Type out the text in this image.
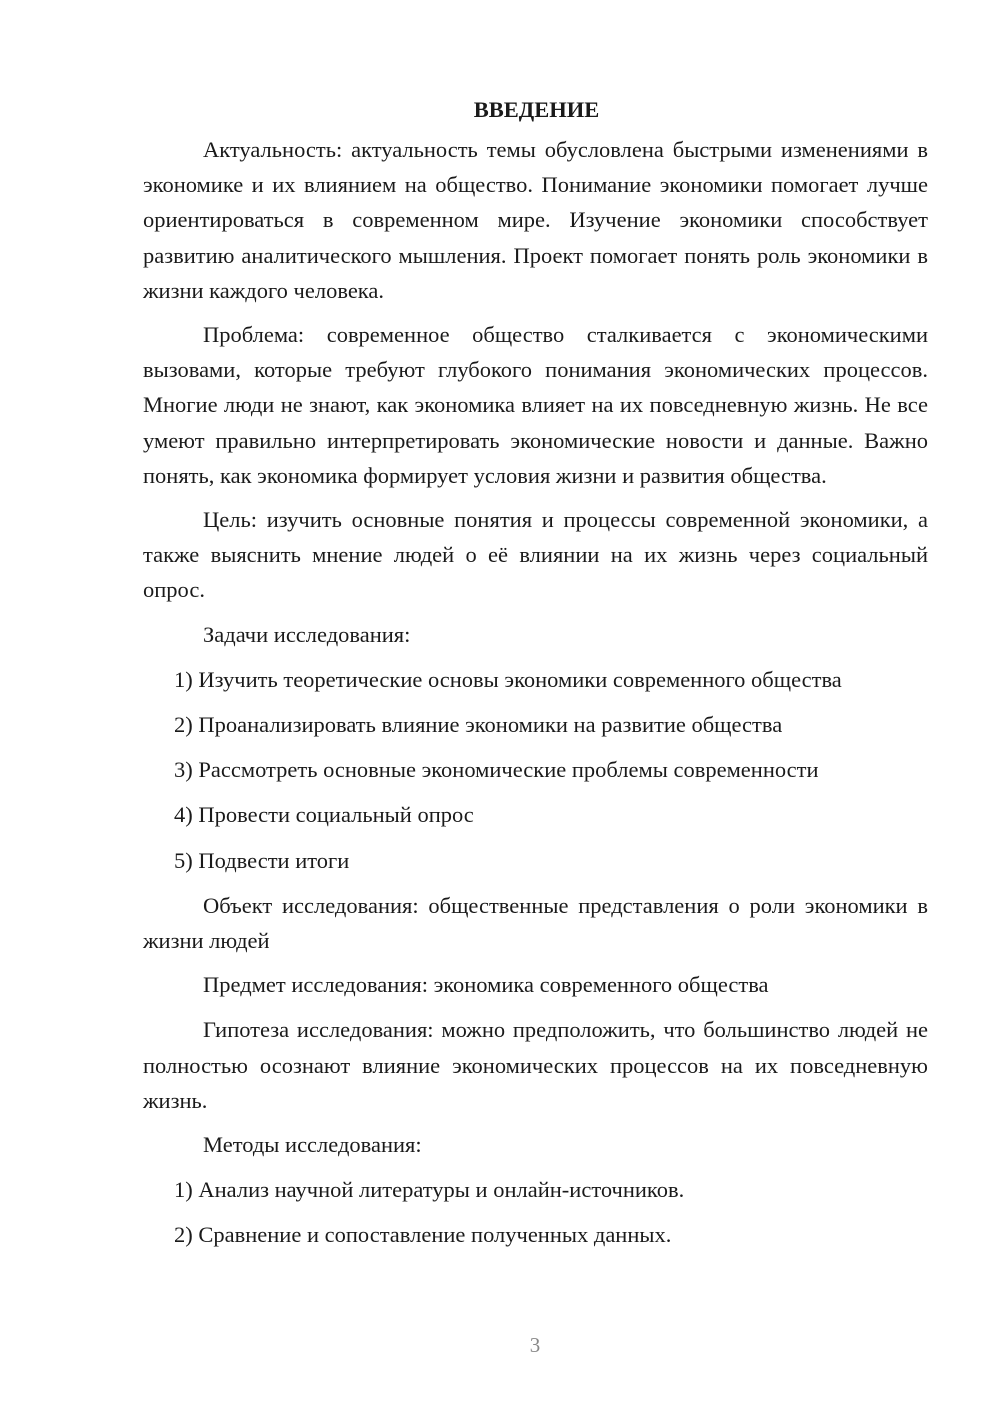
ВВЕДЕНИЕ

Актуальность: актуальность темы обусловлена быстрыми изменениями в экономике и их влиянием на общество. Понимание экономики помогает лучше ориентироваться в современном мире. Изучение экономики способствует развитию аналитического мышления. Проект помогает понять роль экономики в жизни каждого человека.

Проблема: современное общество сталкивается с экономическими вызовами, которые требуют глубокого понимания экономических процессов. Многие люди не знают, как экономика влияет на их повседневную жизнь. Не все умеют правильно интерпретировать экономические новости и данные. Важно понять, как экономика формирует условия жизни и развития общества.

Цель: изучить основные понятия и процессы современной экономики, а также выяснить мнение людей о её влиянии на их жизнь через социальный опрос.

Задачи исследования:
1) Изучить теоретические основы экономики современного общества
2) Проанализировать влияние экономики на развитие общества
3) Рассмотреть основные экономические проблемы современности
4) Провести социальный опрос
5) Подвести итоги

Объект исследования: общественные представления о роли экономики в жизни людей

Предмет исследования: экономика современного общества

Гипотеза исследования: можно предположить, что большинство людей не полностью осознают влияние экономических процессов на их повседневную жизнь.

Методы исследования:
1) Анализ научной литературы и онлайн-источников.
2) Сравнение и сопоставление полученных данных.
3
